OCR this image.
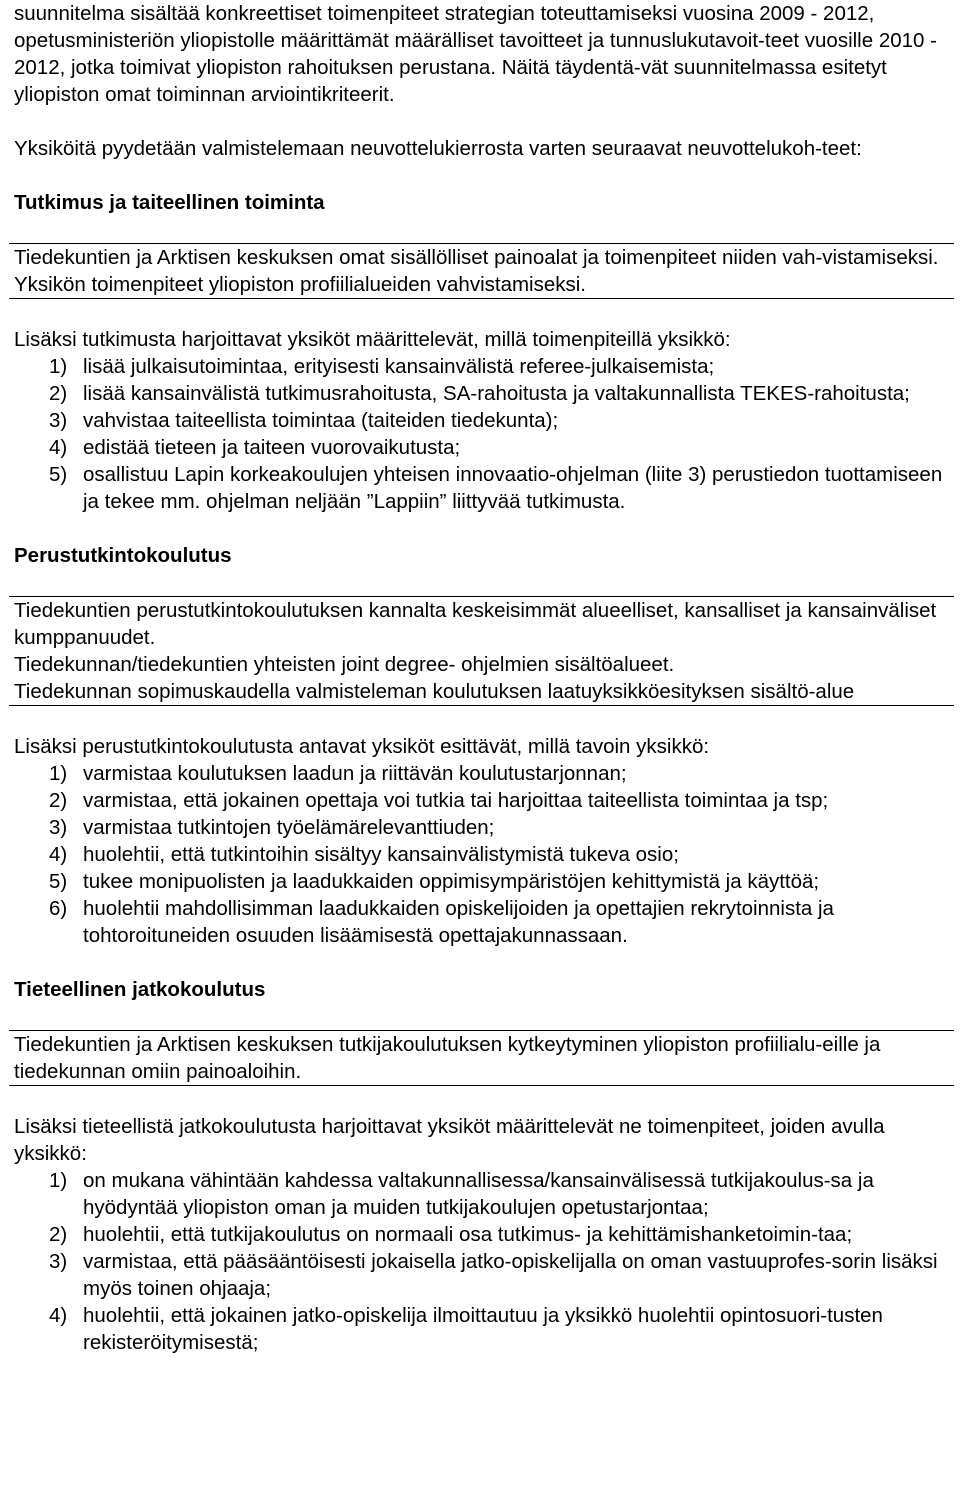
suunnitelma sisältää konkreettiset toimenpiteet strategian toteuttamiseksi vuosina 2009 - 2012, opetusministeriön yliopistolle määrittämät määrälliset tavoitteet ja tunnuslukutavoit-teet vuosille 2010 - 2012, jotka toimivat yliopiston rahoituksen perustana. Näitä täydentä-vät suunnitelmassa esitetyt yliopiston omat toiminnan arviointikriteerit.

Yksiköitä pyydetään valmistelemaan neuvottelukierrosta varten seuraavat neuvottelukoh-teet:

Tutkimus ja taiteellinen toiminta

Tiedekuntien ja Arktisen keskuksen omat sisällölliset painoalat ja toimenpiteet niiden vah-vistamiseksi.

Yksikön toimenpiteet yliopiston profiilialueiden vahvistamiseksi.

Lisäksi tutkimusta harjoittavat yksiköt määrittelevät, millä toimenpiteillä yksikkö:

1) lisää julkaisutoimintaa, erityisesti kansainvälistä referee-julkaisemista;
2) lisää kansainvälistä tutkimusrahoitusta, SA-rahoitusta ja valtakunnallista TEKES-rahoitusta;
3) vahvistaa taiteellista toimintaa (taiteiden tiedekunta);
4) edistää tieteen ja taiteen vuorovaikutusta;
5) osallistuu Lapin korkeakoulujen yhteisen innovaatio-ohjelman (liite 3) perustiedon tuottamiseen ja tekee mm. ohjelman neljään ”Lappiin” liittyvää tutkimusta.

Perustutkintokoulutus

Tiedekuntien perustutkintokoulutuksen kannalta keskeisimmät alueelliset, kansalliset ja kansainväliset kumppanuudet.

Tiedekunnan/tiedekuntien yhteisten joint degree- ohjelmien sisältöalueet.

Tiedekunnan sopimuskaudella valmisteleman koulutuksen laatuyksikköesityksen sisältö-alue

Lisäksi perustutkintokoulutusta antavat yksiköt esittävät, millä tavoin yksikkö:

1) varmistaa koulutuksen laadun ja riittävän koulutustarjonnan;
2) varmistaa, että jokainen opettaja voi tutkia tai harjoittaa taiteellista toimintaa ja tsp;
3) varmistaa tutkintojen työelämärelevanttiuden;
4) huolehtii, että tutkintoihin sisältyy kansainvälistymistä tukeva osio;
5) tukee monipuolisten ja laadukkaiden oppimisympäristöjen kehittymistä ja käyttöä;
6) huolehtii mahdollisimman laadukkaiden opiskelijoiden ja opettajien rekrytoinnista ja tohtoroituneiden osuuden lisäämisestä opettajakunnassaan.

Tieteellinen jatkokoulutus

Tiedekuntien ja Arktisen keskuksen tutkijakoulutuksen kytkeytyminen yliopiston profiilialu-eille ja tiedekunnan omiin painoaloihin.

Lisäksi tieteellistä jatkokoulutusta harjoittavat yksiköt määrittelevät ne toimenpiteet, joiden avulla yksikkö:

1) on mukana vähintään kahdessa valtakunnallisessa/kansainvälisessä tutkijakoulus-sa ja hyödyntää yliopiston oman ja muiden tutkijakoulujen opetustarjontaa;
2) huolehtii, että tutkijakoulutus on normaali osa tutkimus- ja kehittämishanketoimin-taa;
3) varmistaa, että pääsääntöisesti jokaisella jatko-opiskelijalla on oman vastuuprofes-sorin lisäksi myös toinen ohjaaja;
4) huolehtii, että jokainen jatko-opiskelija ilmoittautuu ja yksikkö huolehtii opintosuori-tusten rekisteröitymisestä;
